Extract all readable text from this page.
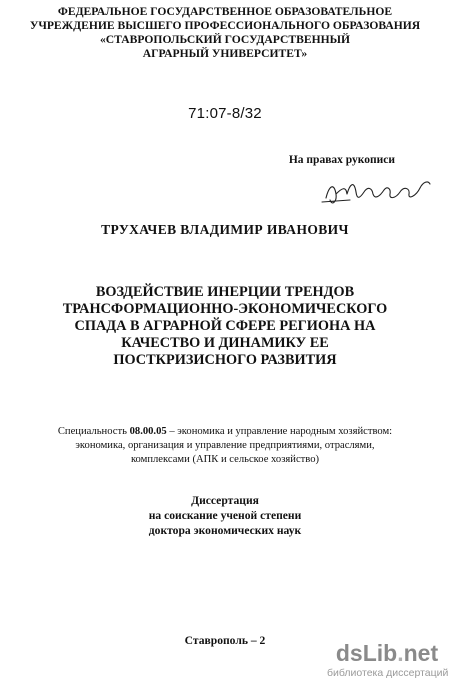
ФЕДЕРАЛЬНОЕ ГОСУДАРСТВЕННОЕ ОБРАЗОВАТЕЛЬНОЕ
УЧРЕЖДЕНИЕ ВЫСШЕГО ПРОФЕССИОНАЛЬНОГО ОБРАЗОВАНИЯ
«СТАВРОПОЛЬСКИЙ ГОСУДАРСТВЕННЫЙ
АГРАРНЫЙ УНИВЕРСИТЕТ»
71:07-8/32
На правах рукописи
ТРУХАЧЕВ ВЛАДИМИР ИВАНОВИЧ
ВОЗДЕЙСТВИЕ ИНЕРЦИИ ТРЕНДОВ
ТРАНСФОРМАЦИОННО-ЭКОНОМИЧЕСКОГО
СПАДА В АГРАРНОЙ СФЕРЕ РЕГИОНА НА
КАЧЕСТВО И ДИНАМИКУ ЕЕ
ПОСТКРИЗИСНОГО РАЗВИТИЯ
Специальность 08.00.05 – экономика и управление народным хозяйством:
экономика, организация и управление предприятиями, отраслями,
комплексами (АПК и сельское хозяйство)
Диссертация
на соискание ученой степени
доктора экономических наук
Ставрополь – 2	dsLib.net
библиотека диссертаций
